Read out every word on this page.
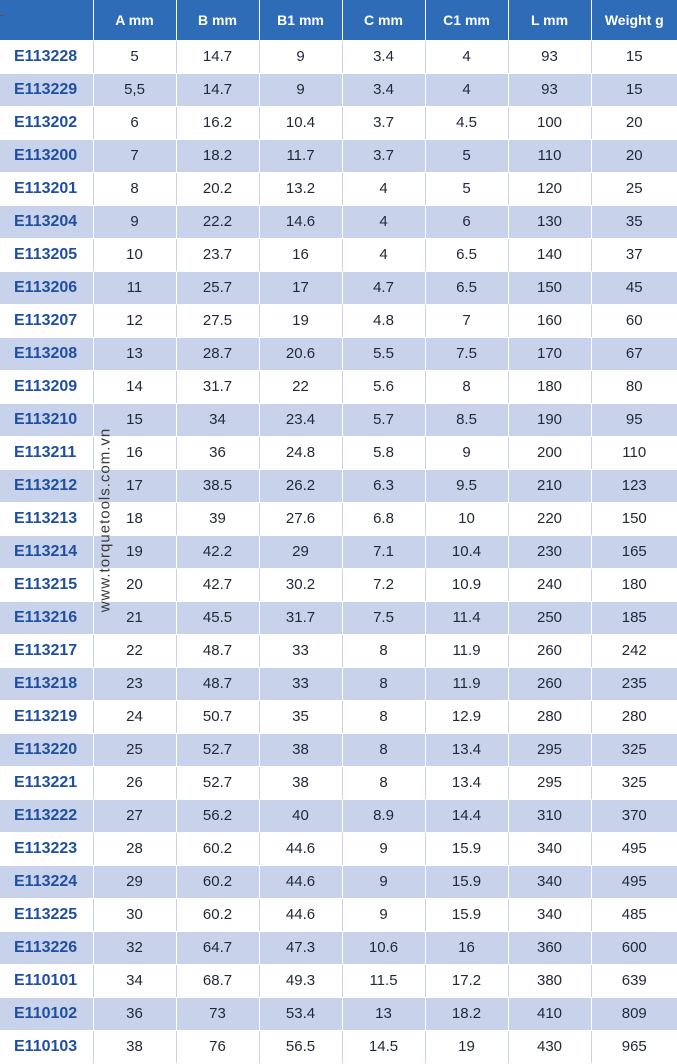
	A mm	B mm	B1 mm	C mm	C1 mm	L mm	Weight g
E113228	5	14.7	9	3.4	4	93	15
E113229	5,5	14.7	9	3.4	4	93	15
E113202	6	16.2	10.4	3.7	4.5	100	20
E113200	7	18.2	11.7	3.7	5	110	20
E113201	8	20.2	13.2	4	5	120	25
E113204	9	22.2	14.6	4	6	130	35
E113205	10	23.7	16	4	6.5	140	37
E113206	11	25.7	17	4.7	6.5	150	45
E113207	12	27.5	19	4.8	7	160	60
E113208	13	28.7	20.6	5.5	7.5	170	67
E113209	14	31.7	22	5.6	8	180	80
E113210	15	34	23.4	5.7	8.5	190	95
E113211	16	36	24.8	5.8	9	200	110
E113212	17	38.5	26.2	6.3	9.5	210	123
E113213	18	39	27.6	6.8	10	220	150
E113214	19	42.2	29	7.1	10.4	230	165
E113215	20	42.7	30.2	7.2	10.9	240	180
E113216	21	45.5	31.7	7.5	11.4	250	185
E113217	22	48.7	33	8	11.9	260	242
E113218	23	48.7	33	8	11.9	260	235
E113219	24	50.7	35	8	12.9	280	280
E113220	25	52.7	38	8	13.4	295	325
E113221	26	52.7	38	8	13.4	295	325
E113222	27	56.2	40	8.9	14.4	310	370
E113223	28	60.2	44.6	9	15.9	340	495
E113224	29	60.2	44.6	9	15.9	340	495
E113225	30	60.2	44.6	9	15.9	340	485
E113226	32	64.7	47.3	10.6	16	360	600
E110101	34	68.7	49.3	11.5	17.2	380	639
E110102	36	73	53.4	13	18.2	410	809
E110103	38	76	56.5	14.5	19	430	965
www.torquetools.com.vn
